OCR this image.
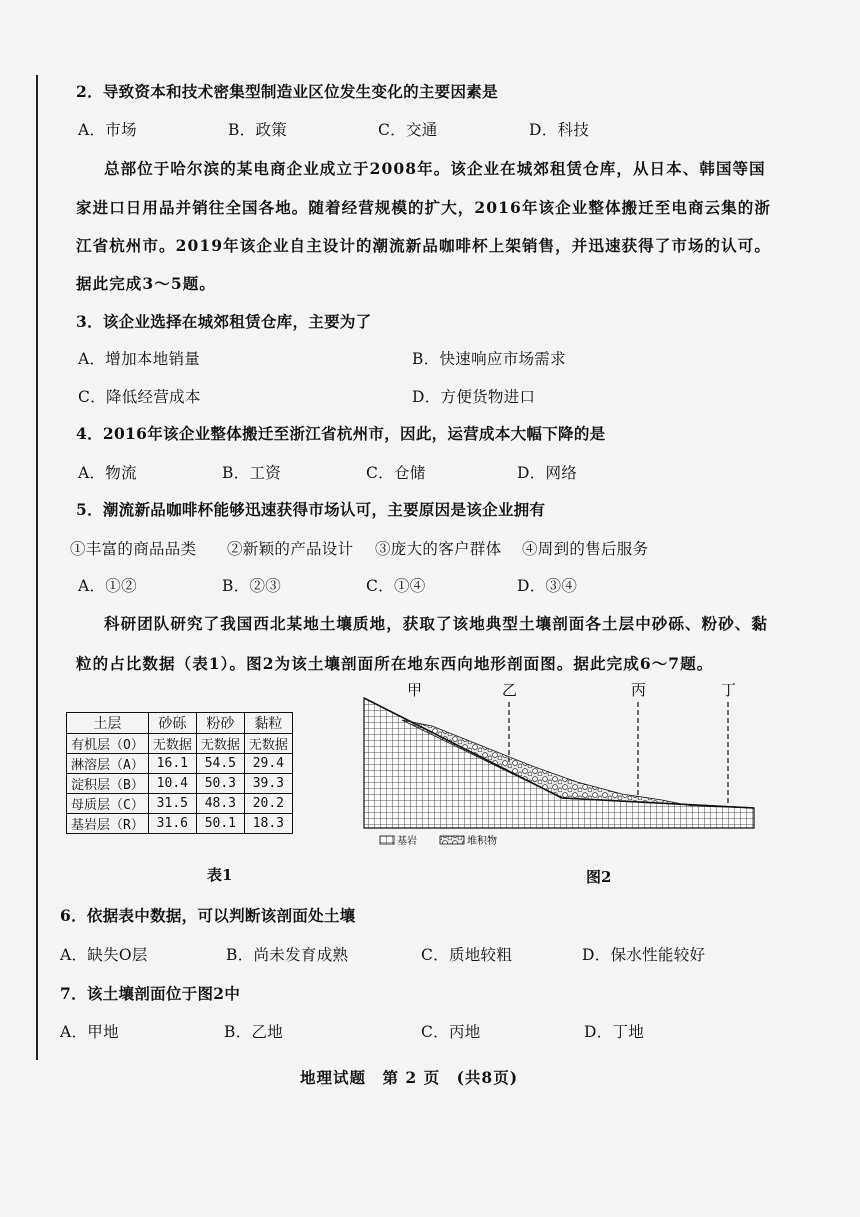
2．导致资本和技术密集型制造业区位发生变化的主要因素是
A．市场	B．政策	C．交通	D．科技
总部位于哈尔滨的某电商企业成立于2008年。该企业在城郊租赁仓库，从日本、韩国等国
家进口日用品并销往全国各地。随着经营规模的扩大，2016年该企业整体搬迁至电商云集的浙
江省杭州市。2019年该企业自主设计的潮流新品咖啡杯上架销售，并迅速获得了市场的认可。
据此完成3～5题。
3．该企业选择在城郊租赁仓库，主要为了
A．增加本地销量	B．快速响应市场需求
C．降低经营成本	D．方便货物进口
4．2016年该企业整体搬迁至浙江省杭州市，因此，运营成本大幅下降的是
A．物流	B．工资	C．仓储	D．网络
5．潮流新品咖啡杯能够迅速获得市场认可，主要原因是该企业拥有
①丰富的商品品类 ②新颖的产品设计 ③庞大的客户群体 ④周到的售后服务
A．①②	B．②③	C．①④	D．③④
科研团队研究了我国西北某地土壤质地，获取了该地典型土壤剖面各土层中砂砾、粉砂、黏
粒的占比数据（表1）。图2为该土壤剖面所在地东西向地形剖面图。据此完成6～7题。
土层	砂砾	粉砂	黏粒
有机层（O）	无数据	无数据	无数据
淋溶层（A）	16.1	54.5	29.4
淀积层（B）	10.4	50.3	39.3
母质层（C）	31.5	48.3	20.2
基岩层（R）	31.6	50.1	18.3
甲	乙	丙	丁
基岩	堆积物
表1	图2
6．依据表中数据，可以判断该剖面处土壤
A．缺失O层	B．尚未发育成熟	C．质地较粗	D．保水性能较好
7．该土壤剖面位于图2中
A．甲地	B．乙地	C．丙地	D．丁地
地理试题　第 2 页　(共8页)
